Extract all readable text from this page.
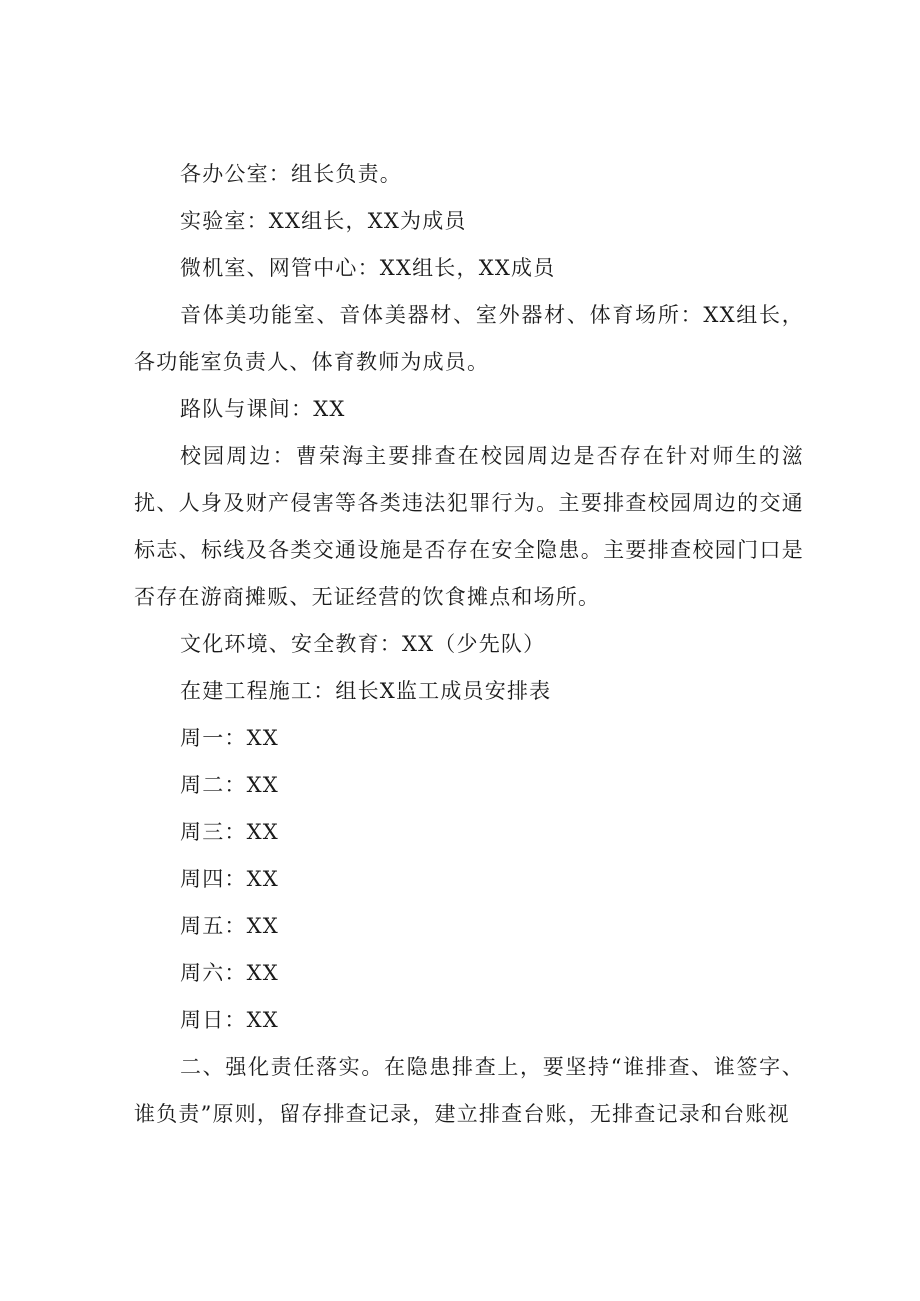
各办公室：组长负责。

实验室：XX组长，XX为成员

微机室、网管中心：XX组长，XX成员

音体美功能室、音体美器材、室外器材、体育场所：XX组长，各功能室负责人、体育教师为成员。

路队与课间：XX

校园周边：曹荣海主要排查在校园周边是否存在针对师生的滋扰、人身及财产侵害等各类违法犯罪行为。主要排查校园周边的交通标志、标线及各类交通设施是否存在安全隐患。主要排查校园门口是否存在游商摊贩、无证经营的饮食摊点和场所。

文化环境、安全教育：XX（少先队）

在建工程施工：组长X监工成员安排表

周一：XX

周二：XX

周三：XX

周四：XX

周五：XX

周六：XX

周日：XX

二、强化责任落实。在隐患排查上，要坚持“谁排查、谁签字、谁负责”原则，留存排查记录，建立排查台账，无排查记录和台账视
